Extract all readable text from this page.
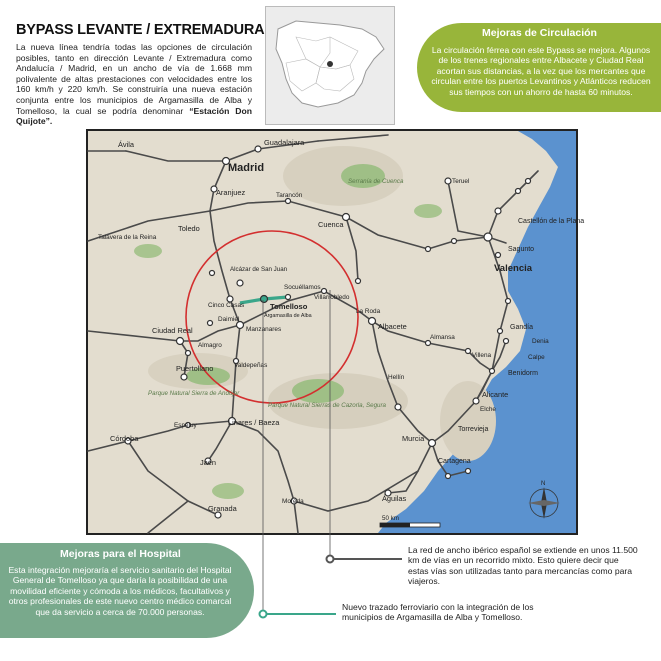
BYPASS LEVANTE / EXTREMADURA
La nueva línea tendría todas las opciones de circulación posibles, tanto en dirección Levante / Extremadura como Andalucía / Madrid, en un ancho de vía de 1.668 mm polivalente de altas prestaciones con velocidades entre los 160 km/h y 220 km/h. Se construiría una nueva estación conjunta entre los municipios de Argamasilla de Alba y Tomelloso, la cual se podría denominar “Estación Don Quijote”.
Mejoras de Circulación
La circulación férrea con este Bypass se mejora. Algunos de los trenes regionales entre Albacete y Ciudad Real acortan sus distancias, a la vez que los mercantes que circulan entre los puertos Levantinos y Atlánticos reducen sus tiempos con un ahorro de hasta 60 minutos.
Ávila	Guadalajara
Madrid
Aranjuez	Tarancón
Teruel
Cuenca	Castellón de la Plana
Toledo
Talavera de la Reina
Sagunto
Valencia
Alcázar de San Juan
Socuéllamos
Villarrobledo
Cinco Casas	Tomelloso
Argamasilla de Alba
La Roda
Daimiel
Manzanares	Albacete
Ciudad Real
Almagro
Gandía
Denia
Almansa
Villena	Calpe
Benidorm
Puertollano	Valdepeñas
Hellín
Alicante
Elche
Espeluy	Linares / Baeza
Córdoba	Murcia
Torrevieja
Jaén	Cartagena
Águilas
Granada
Moreda
Serranía de Cuenca
Parque Natural Sierra de Andújar
Parque Natural Sierras de Cazorla, Segura
50 km
N
Mejoras para el Hospital
Esta integración mejoraría el servicio sanitario del Hospital General de Tomelloso ya que daría la posibilidad de una movilidad eficiente y cómoda a los médicos, facultativos y otros profesionales de este nuevo centro médico comarcal que da servicio a cerca de 70.000 personas.
La red de ancho ibérico español se extiende en unos 11.500 km de vías en un recorrido mixto. Esto quiere decir que estas vías son utilizadas tanto para mercancías como para viajeros.
Nuevo trazado ferroviario con la integración de los municipios de Argamasilla de Alba y Tomelloso.
